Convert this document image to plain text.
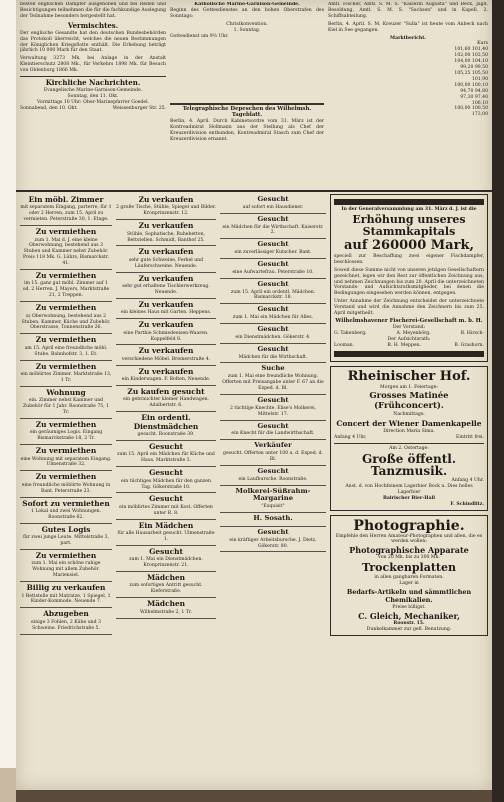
besten englischen Dampfer ausgehoben und bei Reden und Besichtigungen teilnehmen die für die fachkundige Auslegung der Teilnahme besonders hergestellt hat.

Vermischtes.

Der englische Gesandte hat den deutschen Bundesbehörden das Protokoll überreicht, welches die neuen Bestimmungen der Königlichen Kriegsflotte enthält. Die Erhebung beträgt jährlich 10 000 Mark für den Staat.

Verwaltung 3273 Mk. bei Anlage in der Anstalt Kleintierschutz 2808 Mk., für Verkehrs 1898 Mk. für Besuch von Oldenburg 1866 Mk.

Kirchliche Nachrichten.
Evangelische Marine-Garnison-Gemeinde.
Sonntag, den 11. Okt.
Vormittags 10 Uhr: Ober-Marinepfarrer Goedel.
Sonnabend, den 10. Okt.	Weissenburger Str. 25.
Katholische Marine-Garnison-Gemeinde.

Beginn des Gottesdienstes an den hohen Oberstrafen des Sonntags:

Christkonvention.
1. Sonntag.

Gottesdienst um 9½ Uhr.

Telegraphische Depeschen des Wilhelmsh. Tageblatt.

Berlin, 4. April. Durch Kabinetsordre vom 31. März ist der Kontreadmiral Hollmann aus der Stellung als Chef der Kreuzerdivision entbunden, Kontreadmiral Stasch zum Chef der Kreuzerdivision ernannt.

Amtl. Fischer, Amtl. S. M. S. "Kaiserin Augusta" und Beck, Jagd, Besoldung, Amtl. S. M. S. "Sachsen" und in Kapell, 2. Schiffsabteilung.

Berlin, 4. April. S. M. Kreuzer "Sulla" ist heute vom Anbeck nach Kiel in See gegangen.

Marktbericht.
Kurs
101,60 101,40
102,00 102,50
104,00 104,10
99,20 99,50
105,25 105,50
101,90
100,00 100,10
94,70 94,80
97,30 97,40
106,10
100,00 100,50
173,00
Ein möbl. Zimmer
mit separatem Eingang, parterre, für 1 oder 2 Herren, zum 15. April zu vermieten. Peterstraße 30, 1. Etage.
Zu vermiethen
zum 1. Mai d. J. eine kleine Oberwohnung, bestehend aus 3 Stuben und Kammer nebst Zubehör. Preis 118 Mk. G. Lührs, Bismarckstr. 41.
Zu vermiethen
im 15. ganz gut möbl. Zimmer auf 1 od. 2 Herren. J. Mayers, Marktstraße 21, 2 Treppen.
Zu vermiethen
a) Oberwohnung, bestehend aus 2 Stuben, Kammer, Küche und Zubehör. Oberstrasse, Tonnenstraße 26.
Zu vermiethen
am 15. April eine freundliche möbl. Stube. Bahnhofstr. 3, 1. Et.
Zu vermiethen
ein möblirtes Zimmer. Marktstraße 13, 1 Tr.
Wohnung
ein. Zimmer nebst Kammer und Zubehör für 1 Jahr. Roonstraße 75, 1 Tr.
Zu vermiethen
ein geräumiges Logis. Eingang Bismarckstraße 18, 2 Tr.
Zu vermiethen
eine Wohnung mit separatem Eingang. Ulmenstraße 32.
Zu vermiethen
eine freundliche möblirte Wohnung in Bant. Peterstraße 23.
Sofort zu vermiethen
1 Lokal und zwei Wohnungen. Roonstraße 62.
Gutes Logis
für zwei junge Leute. Mittelstraße 3, part.
Zu vermiethen
zum 1. Mai ein schöne ruhige Wohnung mit allem Zubehör. Mariensiel.
Billig zu verkaufen
1 Bettstelle mit Matratze, 1 Spiegel, 1 Kinder-Kommode. Neuende 7.
Abzugeben
einige 3 Fohlen, 2 Kühe und 3 Schweine. Friedrichstraße 5.
Zu verkaufen
2 große Tische, Stühle, Spiegel und Bilder. Kronprinzenstr. 12.
Zu verkaufen
Stühle, Sophatische, Ruhebetten, Bettstellen. Schmidt, Banthof 25.
Zu verkaufen
sehr gute Schweine, Ferkel und Läuferschweine. Neuende.
Zu verkaufen
sehr gut erhaltene Tischlerwerkzeug. Neuende.
Zu verkaufen
ein kleines Haus mit Garten. Heppens.
Zu verkaufen
eine Parthie Schmiedeeisen-Waaren. Koppelfeld 8.
Zu verkaufen
verschiedene Möbel. Bremerstraße 4.
Zu verkaufen
ein Kinderwagen. F. Bolten, Neuende.
Zu kaufen gesucht
ein gebrauchter kleiner Handwagen. Adalbertstr. 6.
Ein ordentl. Dienstmädchen
gesucht. Roonstraße 39.
Gesucht
zum 15. April ein Mädchen für Küche und Haus. Marktstraße 3.
Gesucht
ein tüchtiges Mädchen für den ganzen Tag. Gökerstraße 10.
Gesucht
ein möblirtes Zimmer mit Kost. Offerten unter R. 8.
Ein Mädchen
für alle Hausarbeit gesucht. Ulmenstraße 1.
Gesucht
zum 1. Mai ein Dienstmädchen. Kronprinzenstr. 21.
Mädchen
zum sofortigen Antritt gesucht. Kieferstraße.
Mädchen
Wilhelmstraße 2, 1 Tr.
Gesucht
auf sofort ein Hausdiener.
Gesucht
ein Mädchen für die Wirthschaft. Kaiserstr. 2.
Gesucht
ein zuverlässiger Kutscher. Bant.
Gesucht
eine Aufwartefrau. Peterstraße 10.
Gesucht
zum 15. April ein ordentl. Mädchen. Bismarckstr. 18.
Gesucht
zum 1. Mai ein Mädchen für Alles.
Gesucht
ein Dienstmädchen. Gökerstr. 4.
Gesucht
Mädchen für die Wirthschaft.
Suche
zum 1. Mai eine freundliche Wohnung. Offerten mit Preisangabe unter F. 67 an die Exped. d. Bl.
Gesucht
2 tüchtige Knechte. Elise's Molkerei, Mittelstr. 17.
Gesucht
ein Knecht für die Landwirthschaft.
Verkäufer
gesucht. Offerten unter 100 a. d. Exped. d. Bl.
Gesucht
ein Laufbursche. Roonstraße.
Molkerei-Süßrahm-Margarine
"Exquisit"
H. Sosath.
Gesucht
ein kräftiger Arbeitsbursche. J. Dietz, Gökerstr. 80.
In der Generalversammlung am 31. März d. J. ist die
Erhöhung unseres Stammkapitals
auf 260000 Mark,

speciell zur Beschaffung zwei eigener Fischdampfer, beschlossen.

Soweit diese Summe nicht von unseren jetzigen Gesellschaftern gezeichnet, legen wir den Rest zur öffentlichen Zeichnung aus, und nehmen Zeichnungen bis zum 20. April die unterzeichneten Vorstands- und Aufsichtsrathsmitglieder, bei denen die Bedingungen eingesehen werden können, entgegen.

Unter Annahme der Zeichnung entscheidet der unterzeichnete Vorstand und wird die Annahme den Zeichnern bis zum 25. April mitgetheilt.

Wilhelmshavener Fischerei-Gesellschaft m. b. H.
Der Vorstand:
G. Takenberg.	A. Meyenbörg.	B. Hirsch-
Der Aufsichtsrath:
Looman.	B. H. Meppen.	B. Grashorn.
Rheinischer Hof.
Morgen am 1. Feiertage:
Grosses Matinée (Frühconcert).
Nachmittags:
Concert der Wiener Damenkapelle
Direction Maria Sima.
Anfang 4 Uhr.	Eintritt frei.
Am 2. Ostertage:
Große öffentl. Tanzmusik.
Anfang 4 Uhr.
Anst. d. von Hochfeinem Lagerbier Bock u. Dies helles Lagerbier
Bairischer Bier-Hall
F. Schindlitz.
Photographie.
Empfehle den Herren Amateur-Photographen und allen, die es werden wollen:
Photographische Apparate
von 20 Mk. bis zu 300 Mk.
Trockenplatten
in allen gangbaren Formaten.
Lager in
Bedarfs-Artikeln und sämmtlichen Chemikalien.
Preise billigst.
C. Gleich, Mechaniker,
Roonstr. 15.
Dunkelkammer zur gefl. Benutzung.
